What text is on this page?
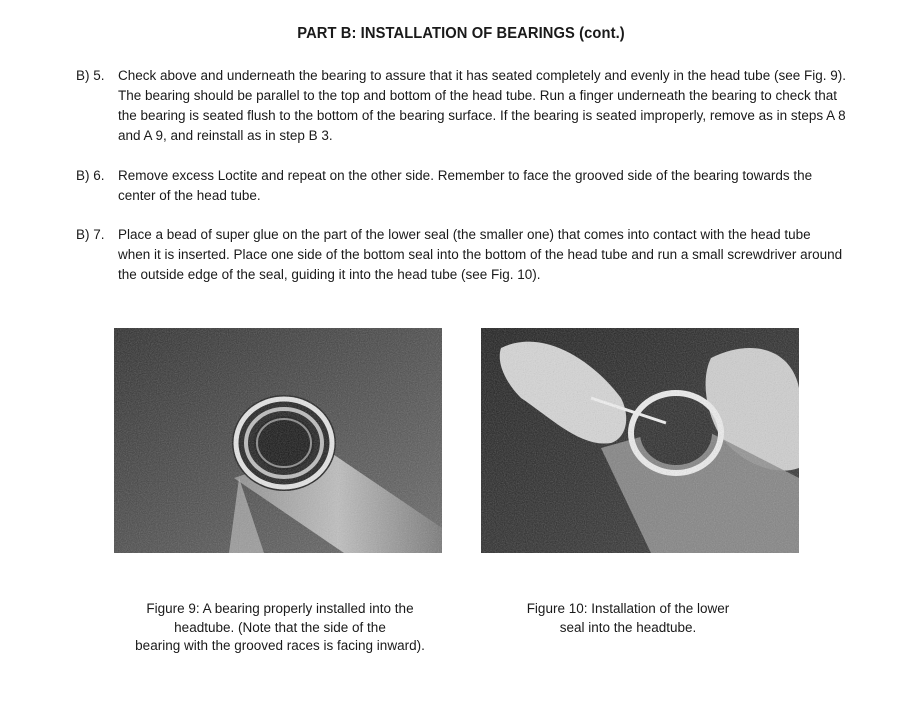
PART B: INSTALLATION OF BEARINGS (cont.)
B) 5. Check above and underneath the bearing to assure that it has seated completely and evenly in the head tube (see Fig. 9). The bearing should be parallel to the top and bottom of the head tube. Run a finger underneath the bearing to check that the bearing is seated flush to the bottom of the bearing surface. If the bearing is seated improperly, remove as in steps A 8 and A 9, and reinstall as in step B 3.
B) 6. Remove excess Loctite and repeat on the other side. Remember to face the grooved side of the bearing towards the center of the head tube.
B) 7. Place a bead of super glue on the part of the lower seal (the smaller one) that comes into contact with the head tube when it is inserted. Place one side of the bottom seal into the bottom of the head tube and run a small screwdriver around the outside edge of the seal, guiding it into the head tube (see Fig. 10).
Figure 9: A bearing properly installed into the
headtube. (Note that the side of the
bearing with the grooved races is facing inward).
Figure 10: Installation of the lower
seal into the headtube.
